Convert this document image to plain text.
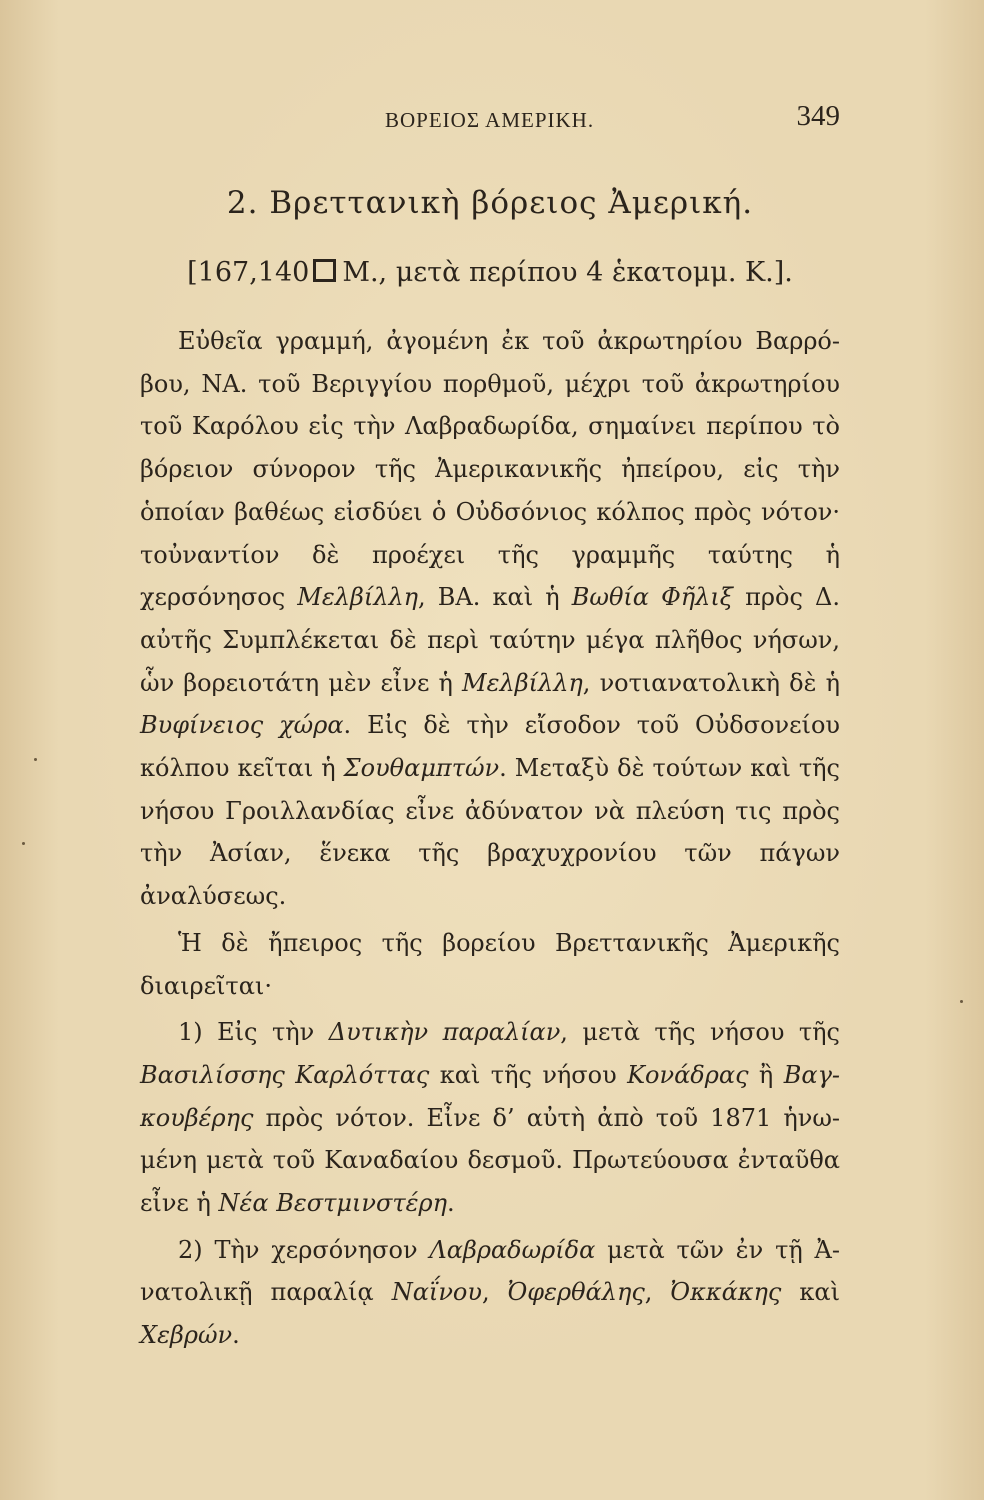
ΒΟΡΕΙΟΣ ΑΜΕΡΙΚΗ.	349
2. Βρεττανικὴ βόρειος Ἀμερική.
[167,140 Μ., μετὰ περίπου 4 ἑκατομμ. Κ.].

Εὐθεῖα γραμμή, ἀγομένη ἐκ τοῦ ἀκρωτηρίου Βαρρόβου, ΝΑ. τοῦ Βεριγγίου πορθμοῦ, μέχρι τοῦ ἀκρωτηρίου τοῦ Καρόλου εἰς τὴν Λαβραδωρίδα, σημαίνει περίπου τὸ βόρειον σύνορον τῆς Ἀμερικανικῆς ἠπείρου, εἰς τὴν ὁποίαν βαθέως εἰσδύει ὁ Οὐδσόνιος κόλπος πρὸς νότον· τοὐναντίον δὲ προέχει τῆς γραμμῆς ταύτης ἡ χερσόνησος Μελβίλλη, ΒΑ. καὶ ἡ Βωθία Φῆλιξ πρὸς Δ. αὐτῆς Συμπλέκεται δὲ περὶ ταύτην μέγα πλῆθος νήσων, ὧν βορειοτάτη μὲν εἶνε ἡ Μελβίλλη, νοτιανατολικὴ δὲ ἡ Βυφίνειος χώρα. Εἰς δὲ τὴν εἴσοδον τοῦ Οὐδσονείου κόλπου κεῖται ἡ Σουθαμπτών. Μεταξὺ δὲ τούτων καὶ τῆς νήσου Γροιλλανδίας εἶνε ἀδύνατον νὰ πλεύση τις πρὸς τὴν Ἀσίαν, ἕνεκα τῆς βραχυχρονίου τῶν πάγων ἀναλύσεως.

Ἡ δὲ ἤπειρος τῆς βορείου Βρεττανικῆς Ἀμερικῆς διαιρεῖται·

1) Εἰς τὴν Δυτικὴν παραλίαν, μετὰ τῆς νήσου τῆς Βασιλίσσης Καρλόττας καὶ τῆς νήσου Κονάδρας ἢ Βαγκουβέρης πρὸς νότον. Εἶνε δ’ αὐτὴ ἀπὸ τοῦ 1871 ἡνωμένη μετὰ τοῦ Καναδαίου δεσμοῦ. Πρωτεύουσα ἐνταῦθα εἶνε ἡ Νέα Βεστμινστέρη.

2) Τὴν χερσόνησον Λαβραδωρίδα μετὰ τῶν ἐν τῇ Ἀνατολικῇ παραλίᾳ Ναΐνου, Ὀφερθάλης, Ὀκκάκης καὶ Χεβρών.
